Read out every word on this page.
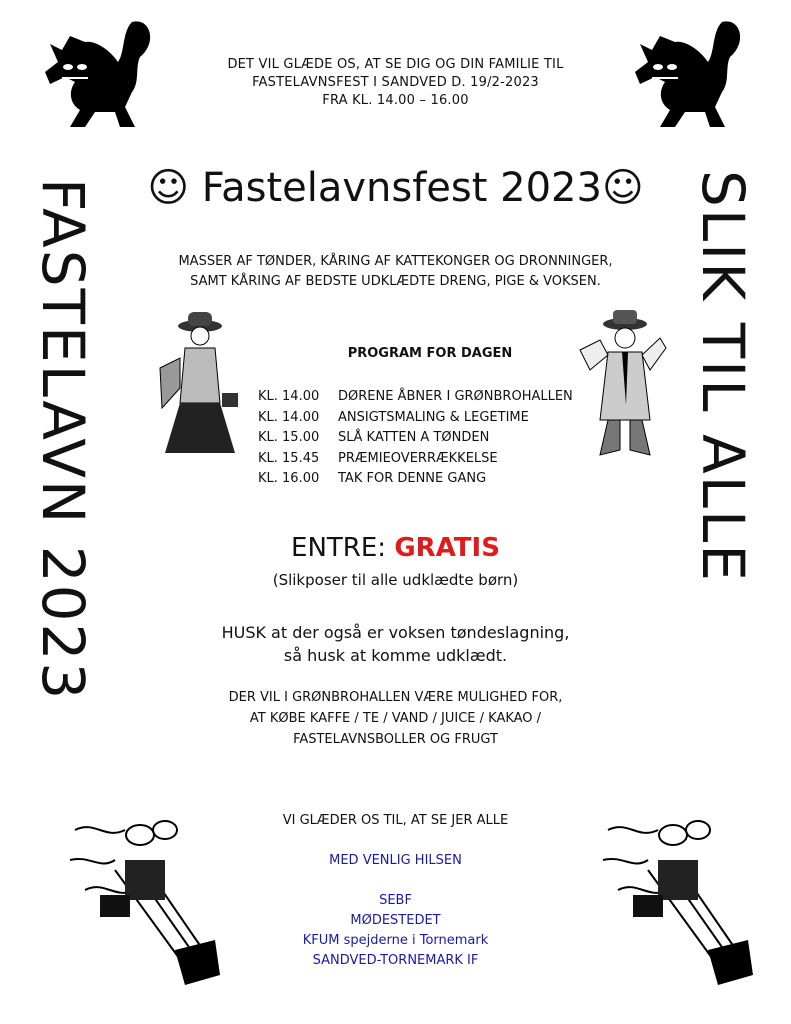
DET VIL GLÆDE OS, AT SE DIG OG DIN FAMILIE TIL
FASTELAVNSFEST I SANDVED D. 19/2-2023
FRA KL. 14.00 – 16.00
☺ Fastelavnsfest 2023☺
MASSER AF TØNDER, KÅRING AF KATTEKONGER OG DRONNINGER,
SAMT KÅRING AF BEDSTE UDKLÆDTE DRENG, PIGE & VOKSEN.
PROGRAM FOR DAGEN
KL. 14.00	DØRENE ÅBNER I GRØNBROHALLEN
KL. 14.00	ANSIGTSMALING & LEGETIME
KL. 15.00	SLÅ KATTEN A TØNDEN
KL. 15.45	PRÆMIEOVERRÆKKELSE
KL. 16.00	TAK FOR DENNE GANG
ENTRE: GRATIS
(Slikposer til alle udklædte børn)
HUSK at der også er voksen tøndeslagning,
så husk at komme udklædt.
DER VIL I GRØNBROHALLEN VÆRE MULIGHED FOR,
AT KØBE KAFFE / TE / VAND / JUICE / KAKAO /
FASTELAVNSBOLLER OG FRUGT
VI GLÆDER OS TIL, AT SE JER ALLE
MED VENLIG HILSEN
SEBF
MØDESTEDET
KFUM spejderne i Tornemark
SANDVED-TORNEMARK IF
FASTELAVN 2023	SLIK TIL ALLE
